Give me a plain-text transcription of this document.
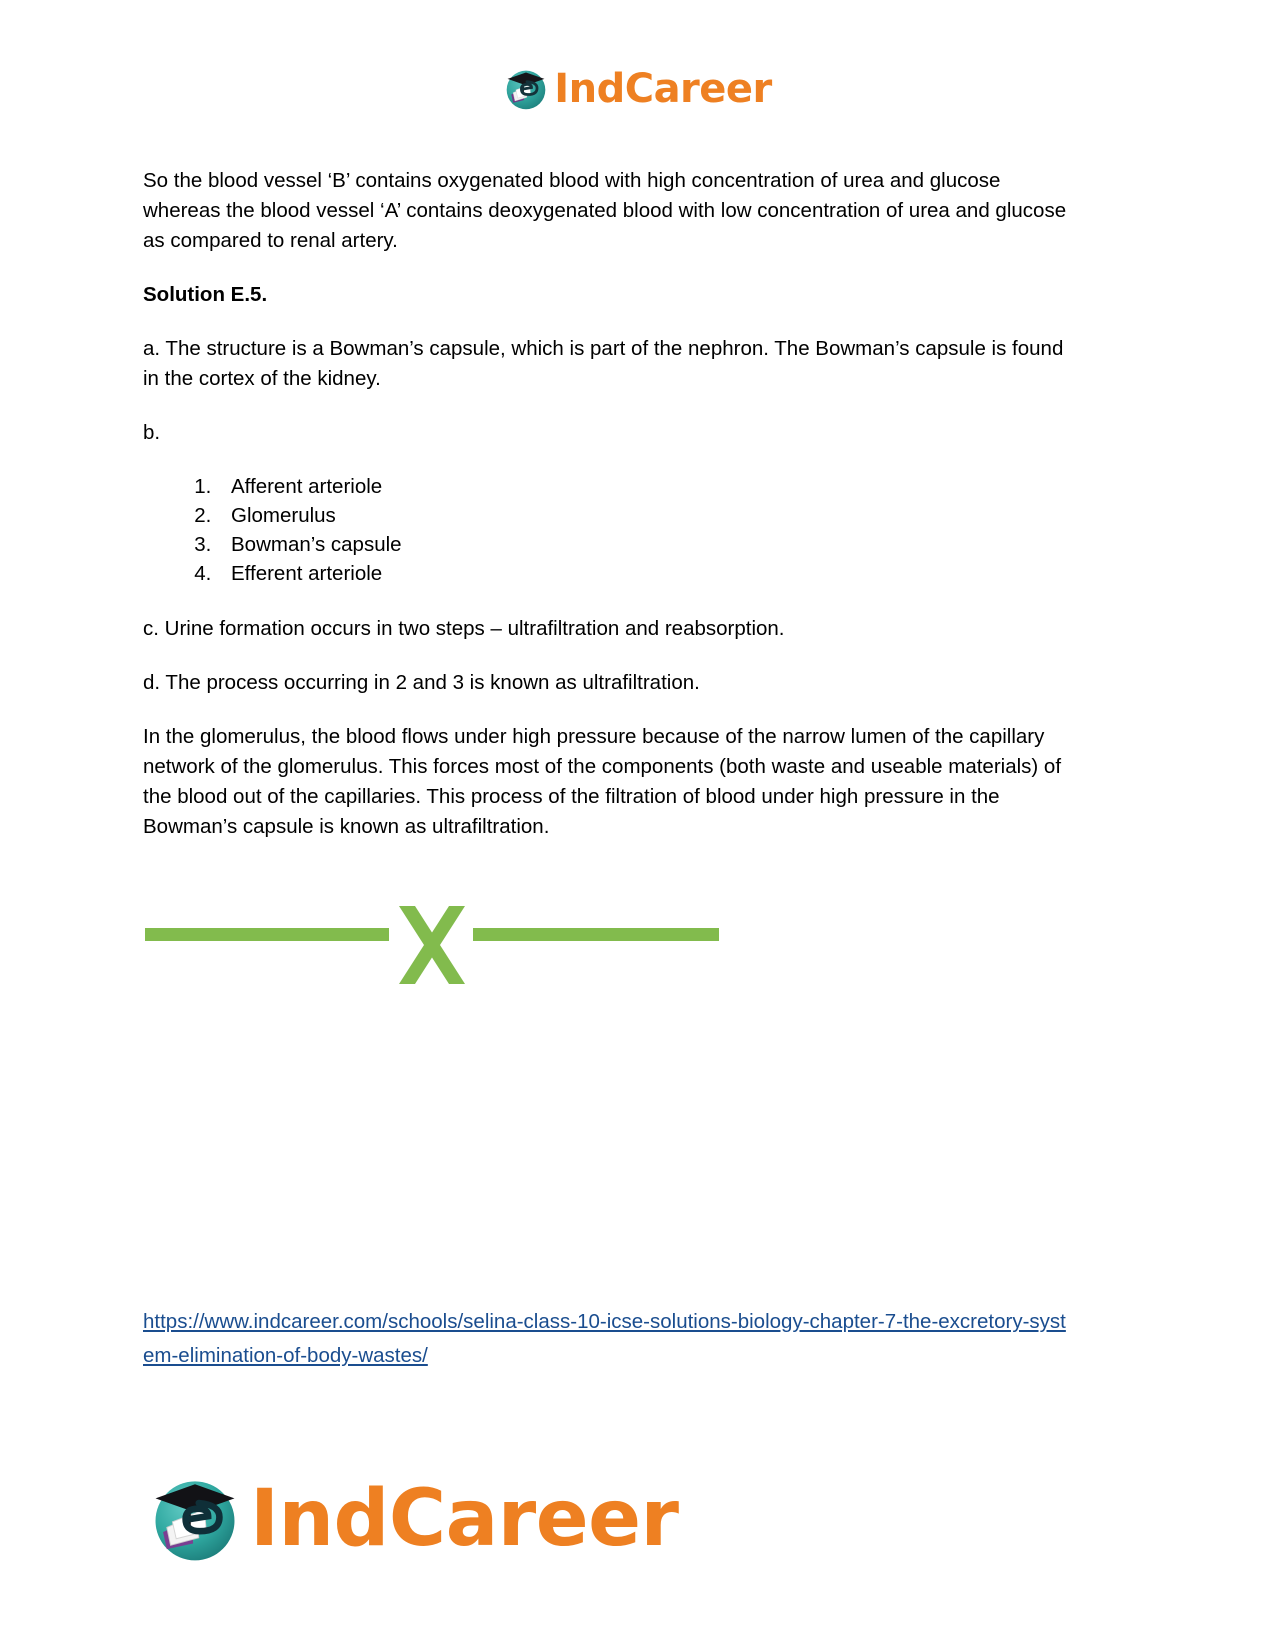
IndCareer

So the blood vessel ‘B’ contains oxygenated blood with high concentration of urea and glucose whereas the blood vessel ‘A’ contains deoxygenated blood with low concentration of urea and glucose as compared to renal artery.

Solution E.5.

a. The structure is a Bowman’s capsule, which is part of the nephron. The Bowman’s capsule is found in the cortex of the kidney.

b.

1. Afferent arteriole
2. Glomerulus
3. Bowman’s capsule
4. Efferent arteriole

c. Urine formation occurs in two steps – ultrafiltration and reabsorption.

d. The process occurring in 2 and 3 is known as ultrafiltration.

In the glomerulus, the blood flows under high pressure because of the narrow lumen of the capillary network of the glomerulus. This forces most of the components (both waste and useable materials) of the blood out of the capillaries. This process of the filtration of blood under high pressure in the Bowman’s capsule is known as ultrafiltration.

https://www.indcareer.com/schools/selina-class-10-icse-solutions-biology-chapter-7-the-excretory-system-elimination-of-body-wastes/
IndCareer
